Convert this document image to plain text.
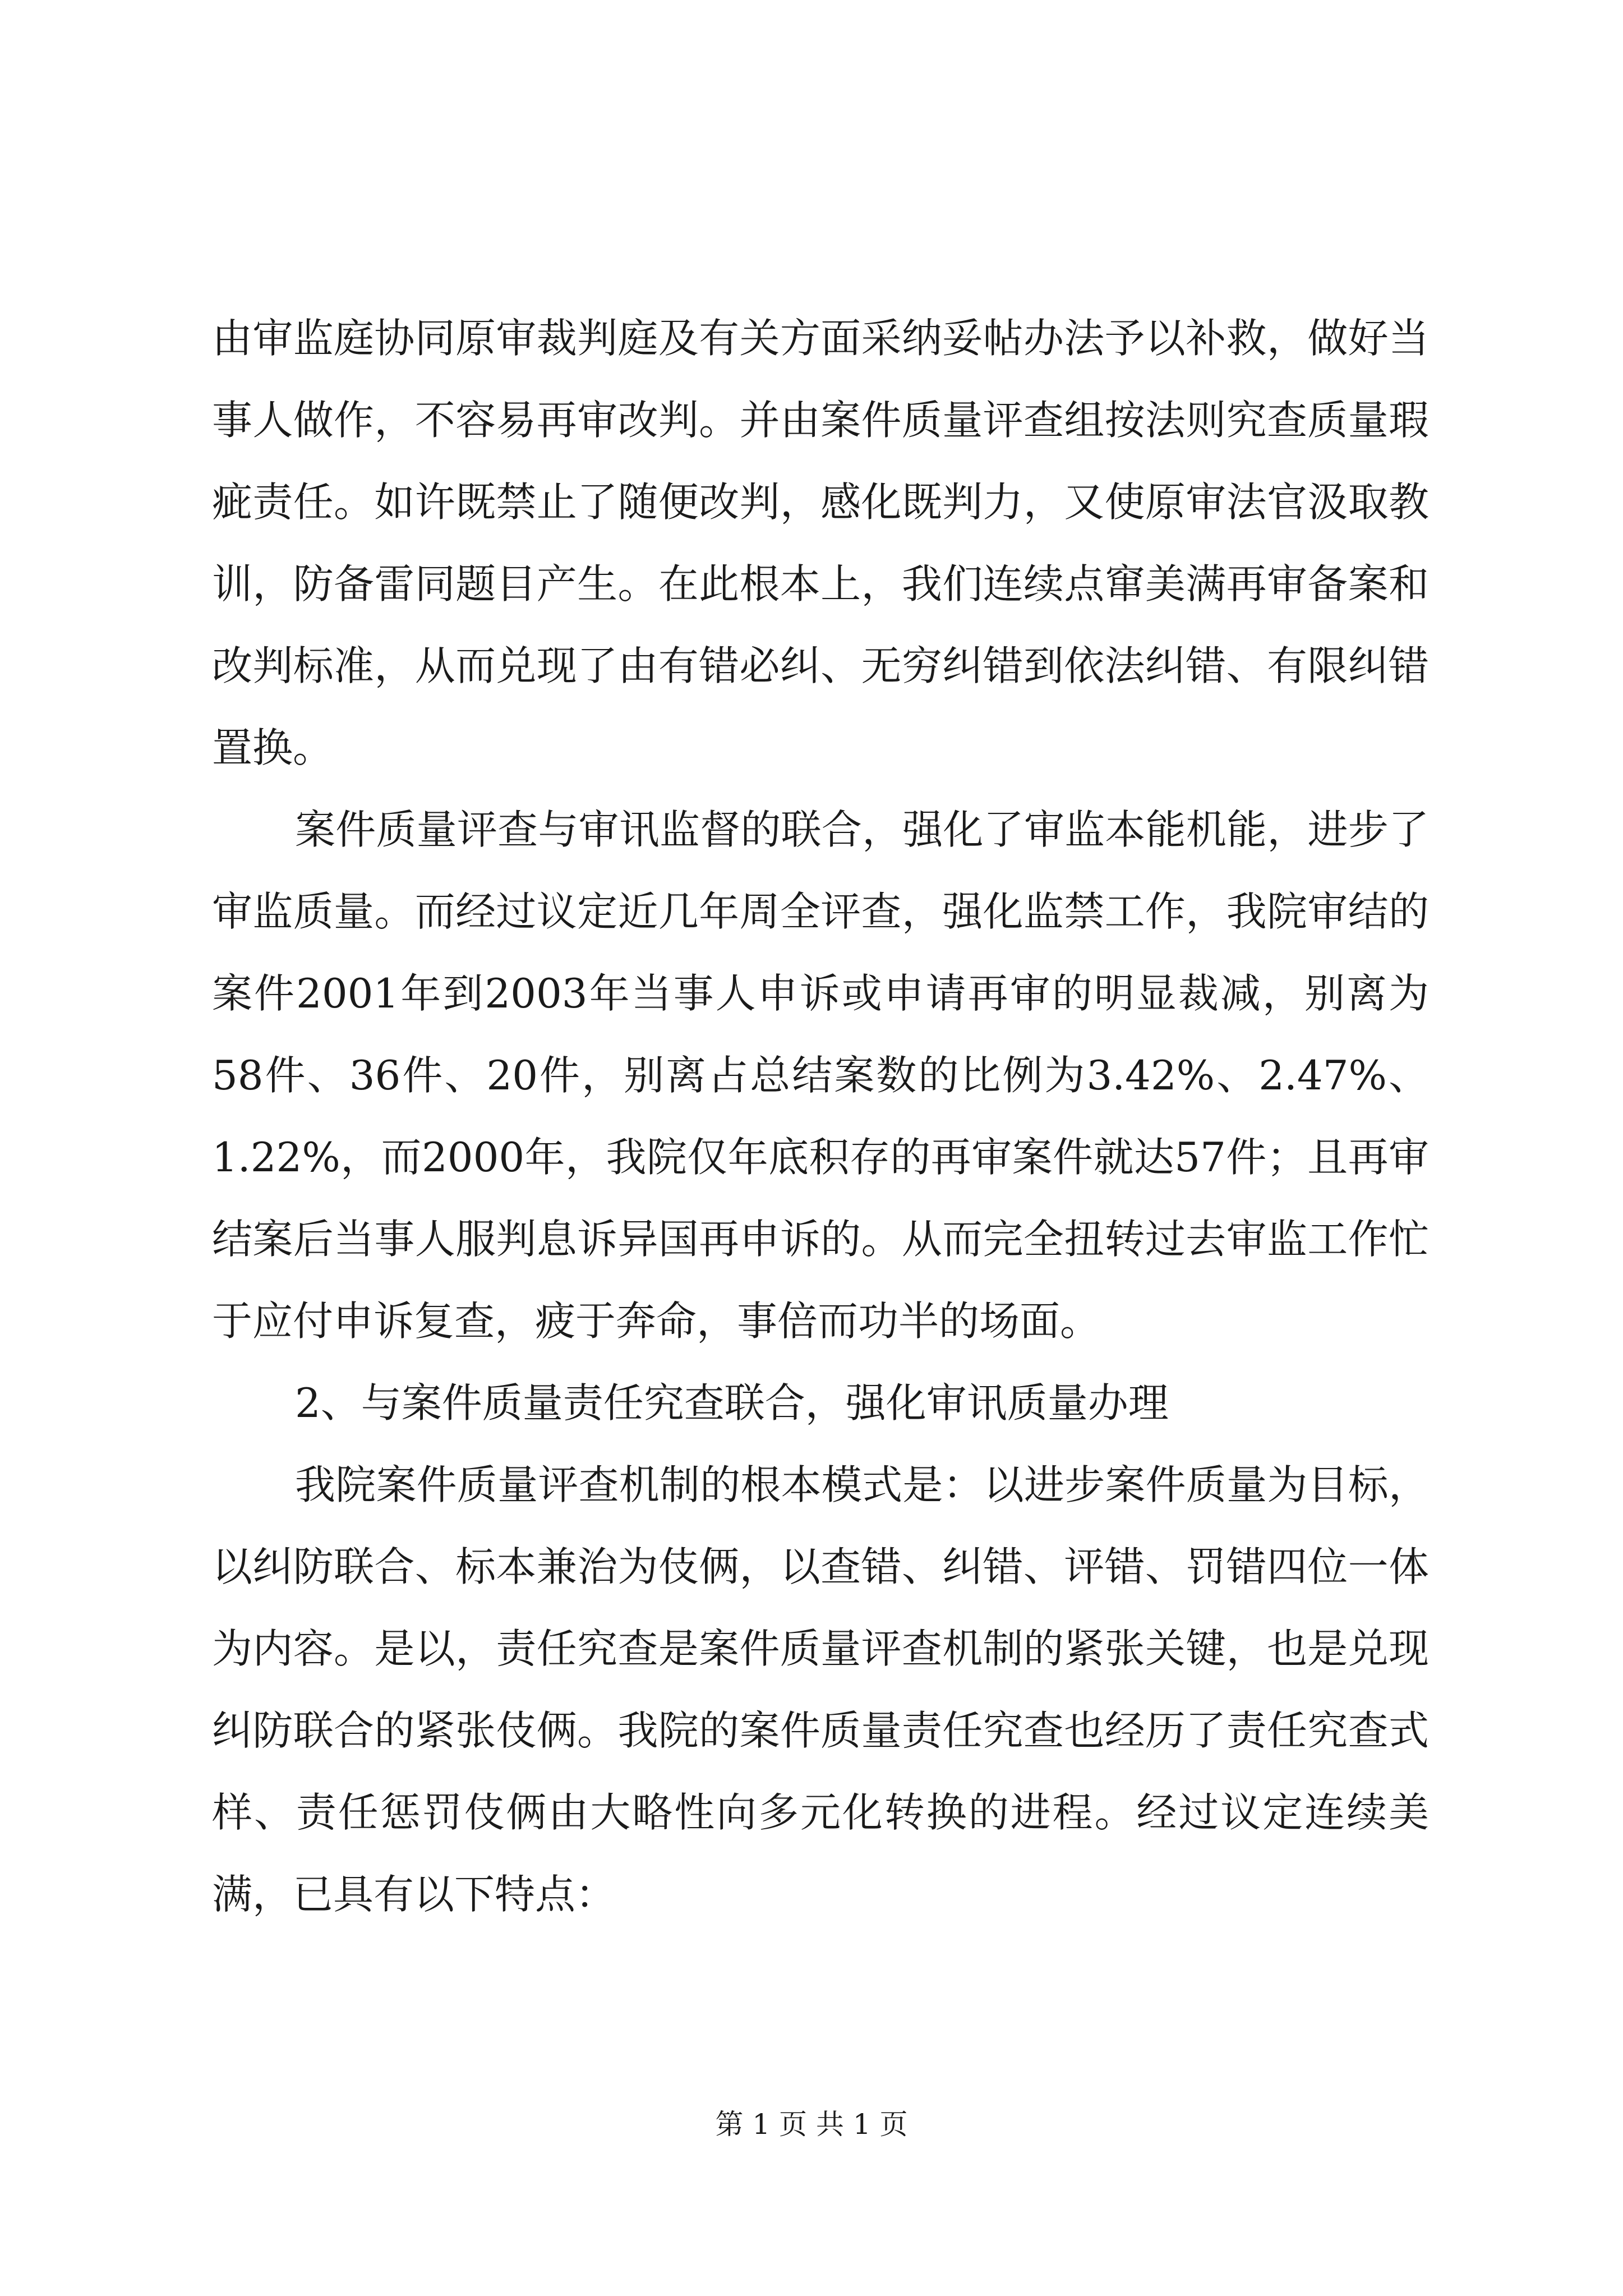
由审监庭协同原审裁判庭及有关方面采纳妥帖办法予以补救，做好当事人做作，不容易再审改判。并由案件质量评查组按法则究查质量瑕疵责任。如许既禁止了随便改判，感化既判力，又使原审法官汲取教训，防备雷同题目产生。在此根本上，我们连续点窜美满再审备案和改判标准，从而兑现了由有错必纠、无穷纠错到依法纠错、有限纠错置换。

案件质量评查与审讯监督的联合，强化了审监本能机能，进步了审监质量。而经过议定近几年周全评查，强化监禁工作，我院审结的案件2001年到2003年当事人申诉或申请再审的明显裁减，别离为58件、36件、20件，别离占总结案数的比例为3.42%、2.47%、1.22%，而2000年，我院仅年底积存的再审案件就达57件；且再审结案后当事人服判息诉异国再申诉的。从而完全扭转过去审监工作忙于应付申诉复查，疲于奔命，事倍而功半的场面。

2、与案件质量责任究查联合，强化审讯质量办理

我院案件质量评查机制的根本模式是：以进步案件质量为目标，以纠防联合、标本兼治为伎俩，以查错、纠错、评错、罚错四位一体为内容。是以，责任究查是案件质量评查机制的紧张关键，也是兑现纠防联合的紧张伎俩。我院的案件质量责任究查也经历了责任究查式样、责任惩罚伎俩由大略性向多元化转换的进程。经过议定连续美满，已具有以下特点：

第 1 页 共 1 页
